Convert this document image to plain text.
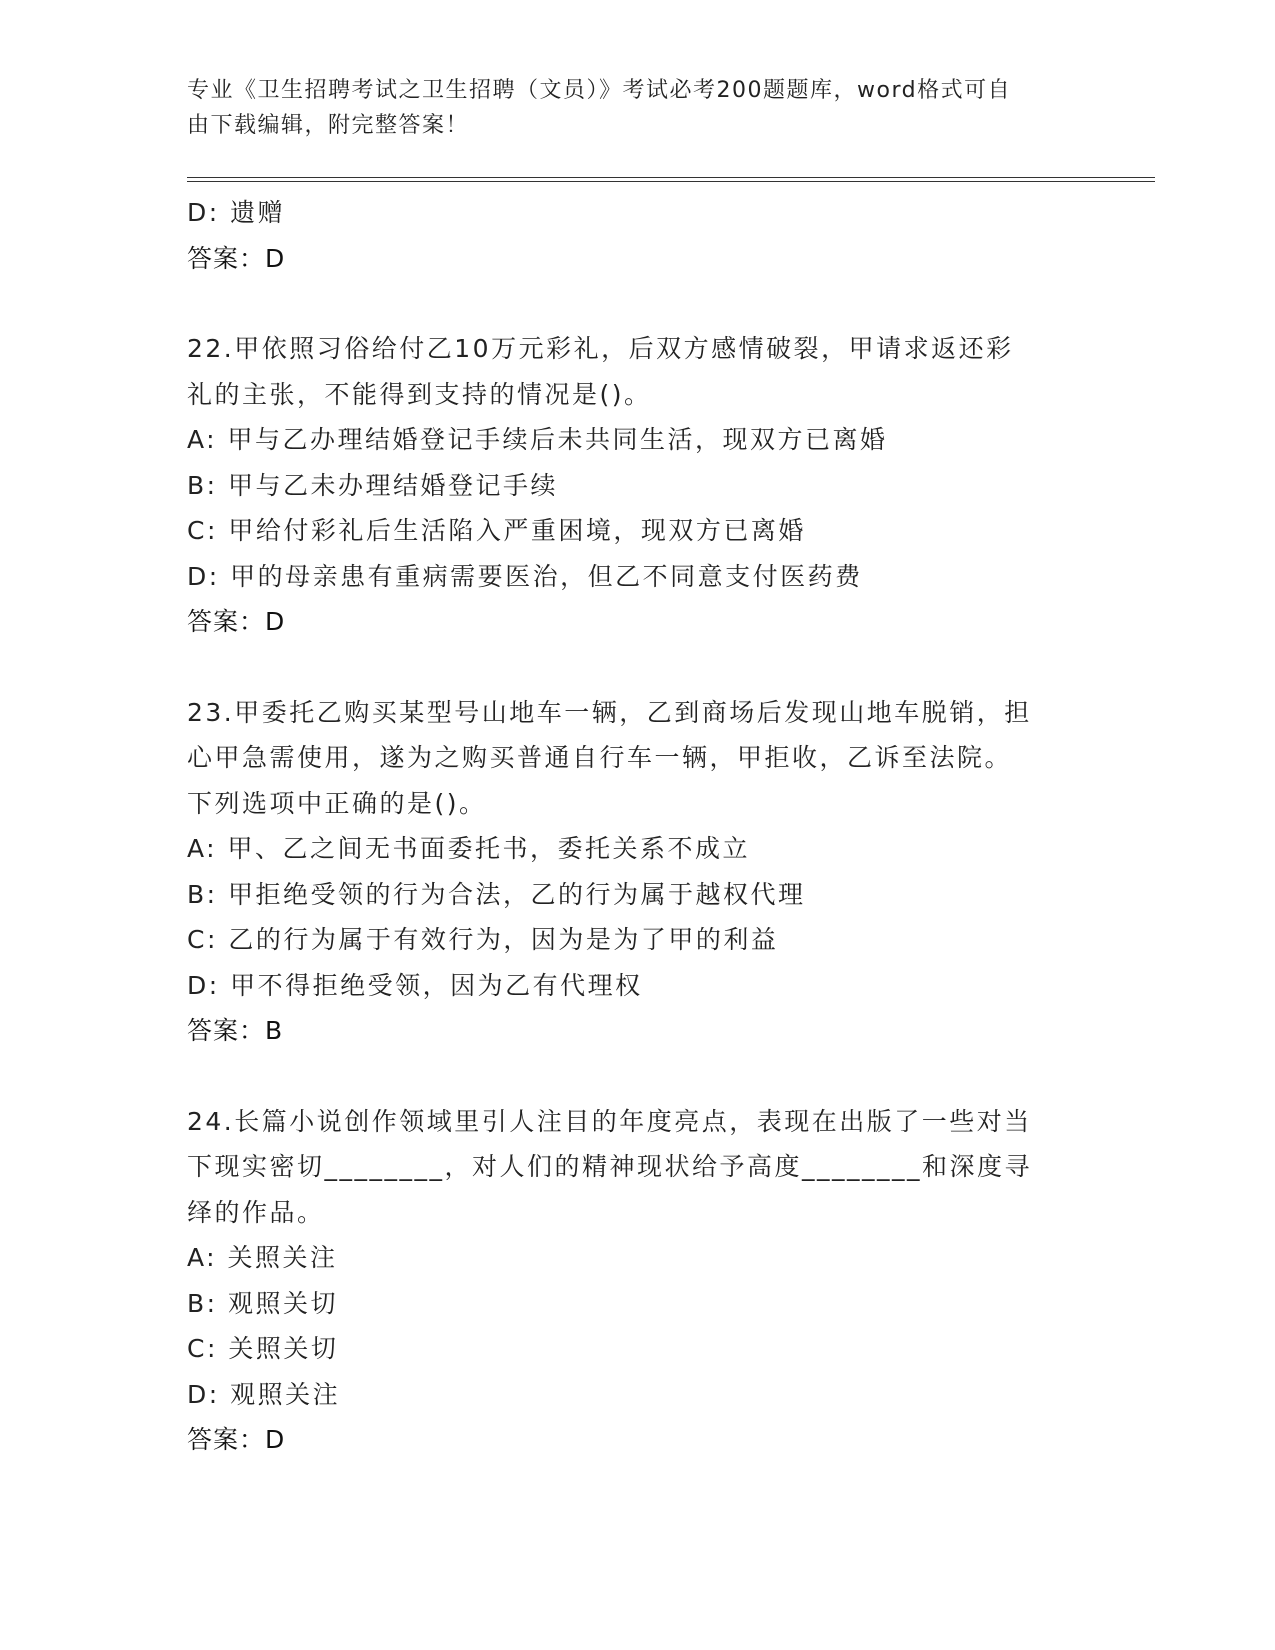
专业《卫生招聘考试之卫生招聘（文员）》考试必考200题题库，word格式可自
由下载编辑，附完整答案！
D: 遗赠
答案：D
22.甲依照习俗给付乙10万元彩礼，后双方感情破裂，甲请求返还彩
礼的主张，不能得到支持的情况是()。
A: 甲与乙办理结婚登记手续后未共同生活，现双方已离婚
B: 甲与乙未办理结婚登记手续
C: 甲给付彩礼后生活陷入严重困境，现双方已离婚
D: 甲的母亲患有重病需要医治，但乙不同意支付医药费
答案：D
23.甲委托乙购买某型号山地车一辆，乙到商场后发现山地车脱销，担
心甲急需使用，遂为之购买普通自行车一辆，甲拒收，乙诉至法院。
下列选项中正确的是()。
A: 甲、乙之间无书面委托书，委托关系不成立
B: 甲拒绝受领的行为合法，乙的行为属于越权代理
C: 乙的行为属于有效行为，因为是为了甲的利益
D: 甲不得拒绝受领，因为乙有代理权
答案：B
24.长篇小说创作领域里引人注目的年度亮点，表现在出版了一些对当
下现实密切________，对人们的精神现状给予高度________和深度寻
绎的作品。
A: 关照关注
B: 观照关切
C: 关照关切
D: 观照关注
答案：D
